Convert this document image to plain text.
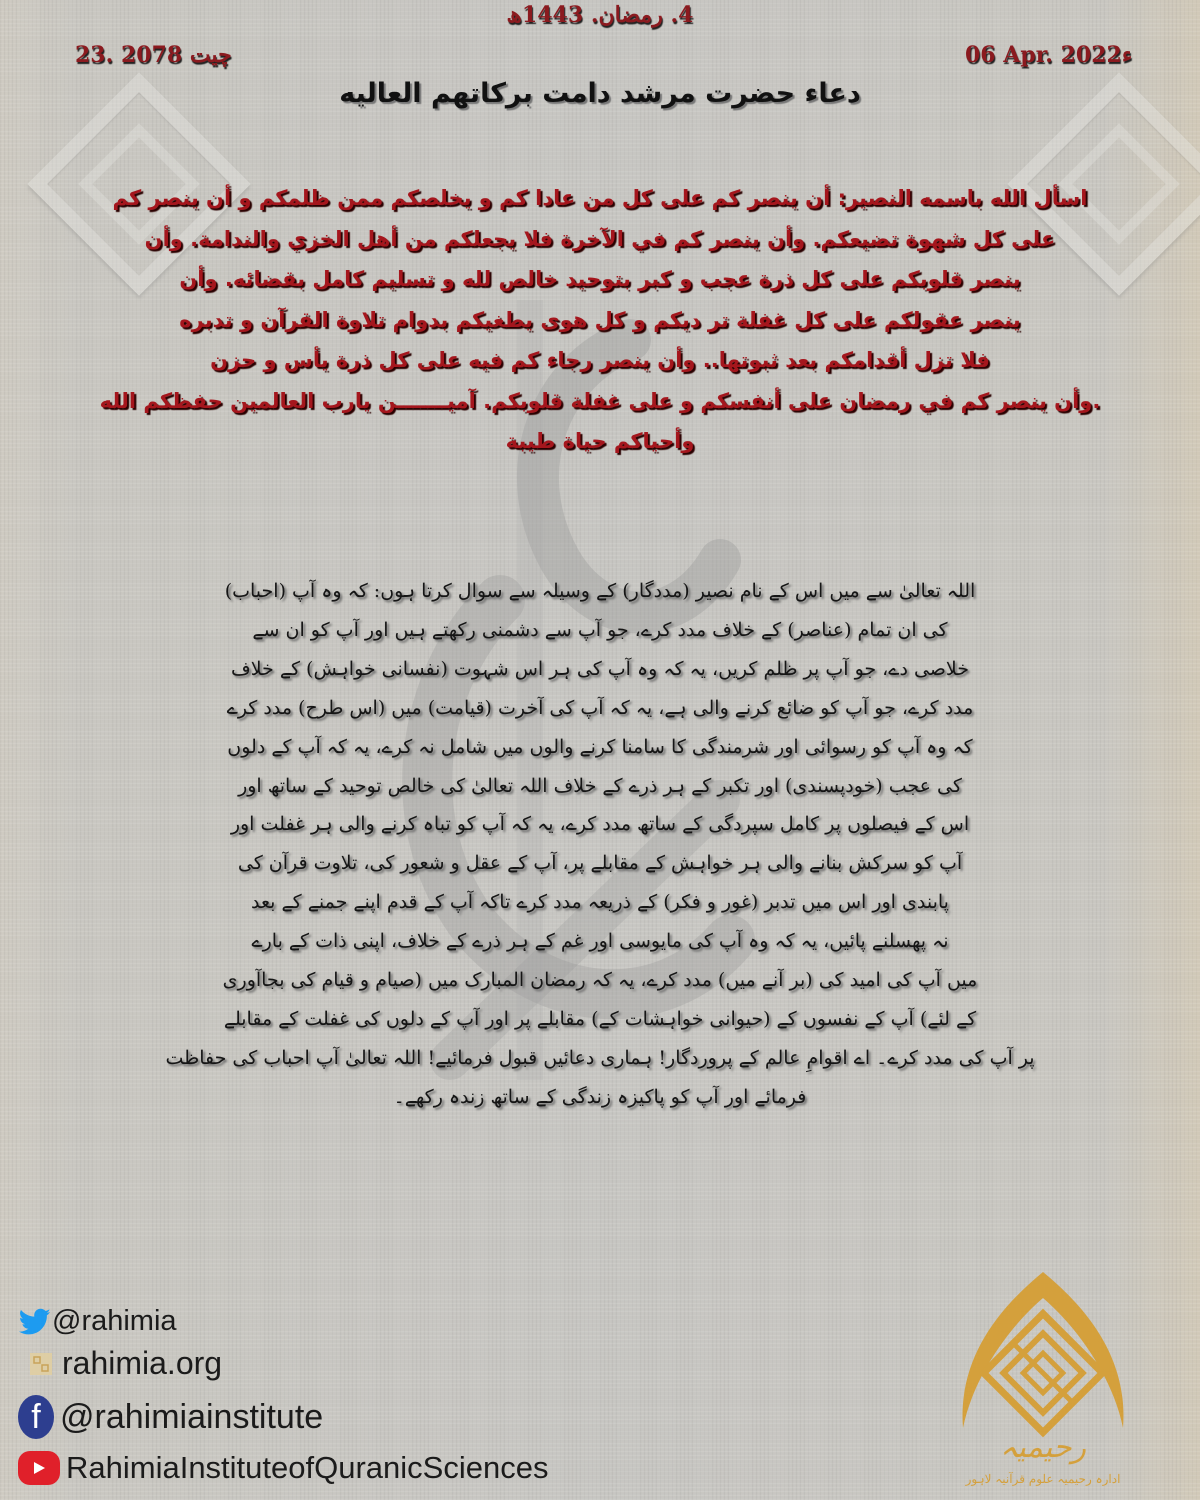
23. چیت 2078
4. رمضان. 1443ھ
06 Apr. 2022ء
دعاء حضرت مرشد دامت برکاتهم العاليه
اسأل الله باسمه النصير: أن ينصر كم على كل من عادا كم و يخلصكم ممن ظلمكم و أن ينصر كم
على كل شهوة تضيعكم. وأن ينصر كم في الآخرة فلا يجعلكم من أهل الخزي والندامة. وأن
ينصر قلوبكم على كل ذرة عجب و كبر بتوحيد خالص لله و تسليم كامل بقضائه. وأن
ينصر عقولكم على كل غفلة تر ديكم و كل هوى يطغيكم بدوام تلاوة القرآن و تدبره
فلا تزل أقدامكم بعد ثبوتها.. وأن ينصر رجاء كم فيه على كل ذرة يأس و حزن
.وأن ينصر كم في رمضان على أنفسكم و على غفلة قلوبكم. آميـــــــن يارب العالمين حفظكم الله
وأحياكم حياة طيبة
اللہ تعالیٰ سے میں اس کے نام نصیر (مددگار) کے وسیلہ سے سوال کرتا ہوں: کہ وہ آپ (احباب)
کی ان تمام (عناصر) کے خلاف مدد کرے، جو آپ سے دشمنی رکھتے ہیں اور آپ کو ان سے
خلاصی دے، جو آپ پر ظلم کریں، یہ کہ وہ آپ کی ہر اس شہوت (نفسانی خواہش) کے خلاف
مدد کرے، جو آپ کو ضائع کرنے والی ہے، یہ کہ آپ کی آخرت (قیامت) میں (اس طرح) مدد کرے
کہ وہ آپ کو رسوائی اور شرمندگی کا سامنا کرنے والوں میں شامل نہ کرے، یہ کہ آپ کے دلوں
کی عجب (خودپسندی) اور تکبر کے ہر ذرے کے خلاف اللہ تعالیٰ کی خالص توحید کے ساتھ اور
اس کے فیصلوں پر کامل سپردگی کے ساتھ مدد کرے، یہ کہ آپ کو تباہ کرنے والی ہر غفلت اور
آپ کو سرکش بنانے والی ہر خواہش کے مقابلے پر، آپ کے عقل و شعور کی، تلاوت قرآن کی
پابندی اور اس میں تدبر (غور و فکر) کے ذریعہ مدد کرے تاکہ آپ کے قدم اپنے جمنے کے بعد
نہ پھسلنے پائیں، یہ کہ وہ آپ کی مایوسی اور غم کے ہر ذرے کے خلاف، اپنی ذات کے بارے
میں آپ کی امید کی (بر آنے میں) مدد کرے، یہ کہ رمضان المبارک میں (صیام و قیام کی بجاآوری
کے لئے) آپ کے نفسوں کے (حیوانی خواہشات کے) مقابلے پر اور آپ کے دلوں کی غفلت کے مقابلے
پر آپ کی مدد کرے۔ اے اقوامِ عالم کے پروردگار! ہماری دعائیں قبول فرمائیے! اللہ تعالیٰ آپ احباب کی حفاظت
فرمائے اور آپ کو پاکیزہ زندگی کے ساتھ زندہ رکھے۔
@rahimia
rahimia.org
f @rahimiainstitute
RahimiaInstituteofQuranicSciences
رحیمیہ
ادارہ رحیمیہ علوم قرآنیہ لاہور
